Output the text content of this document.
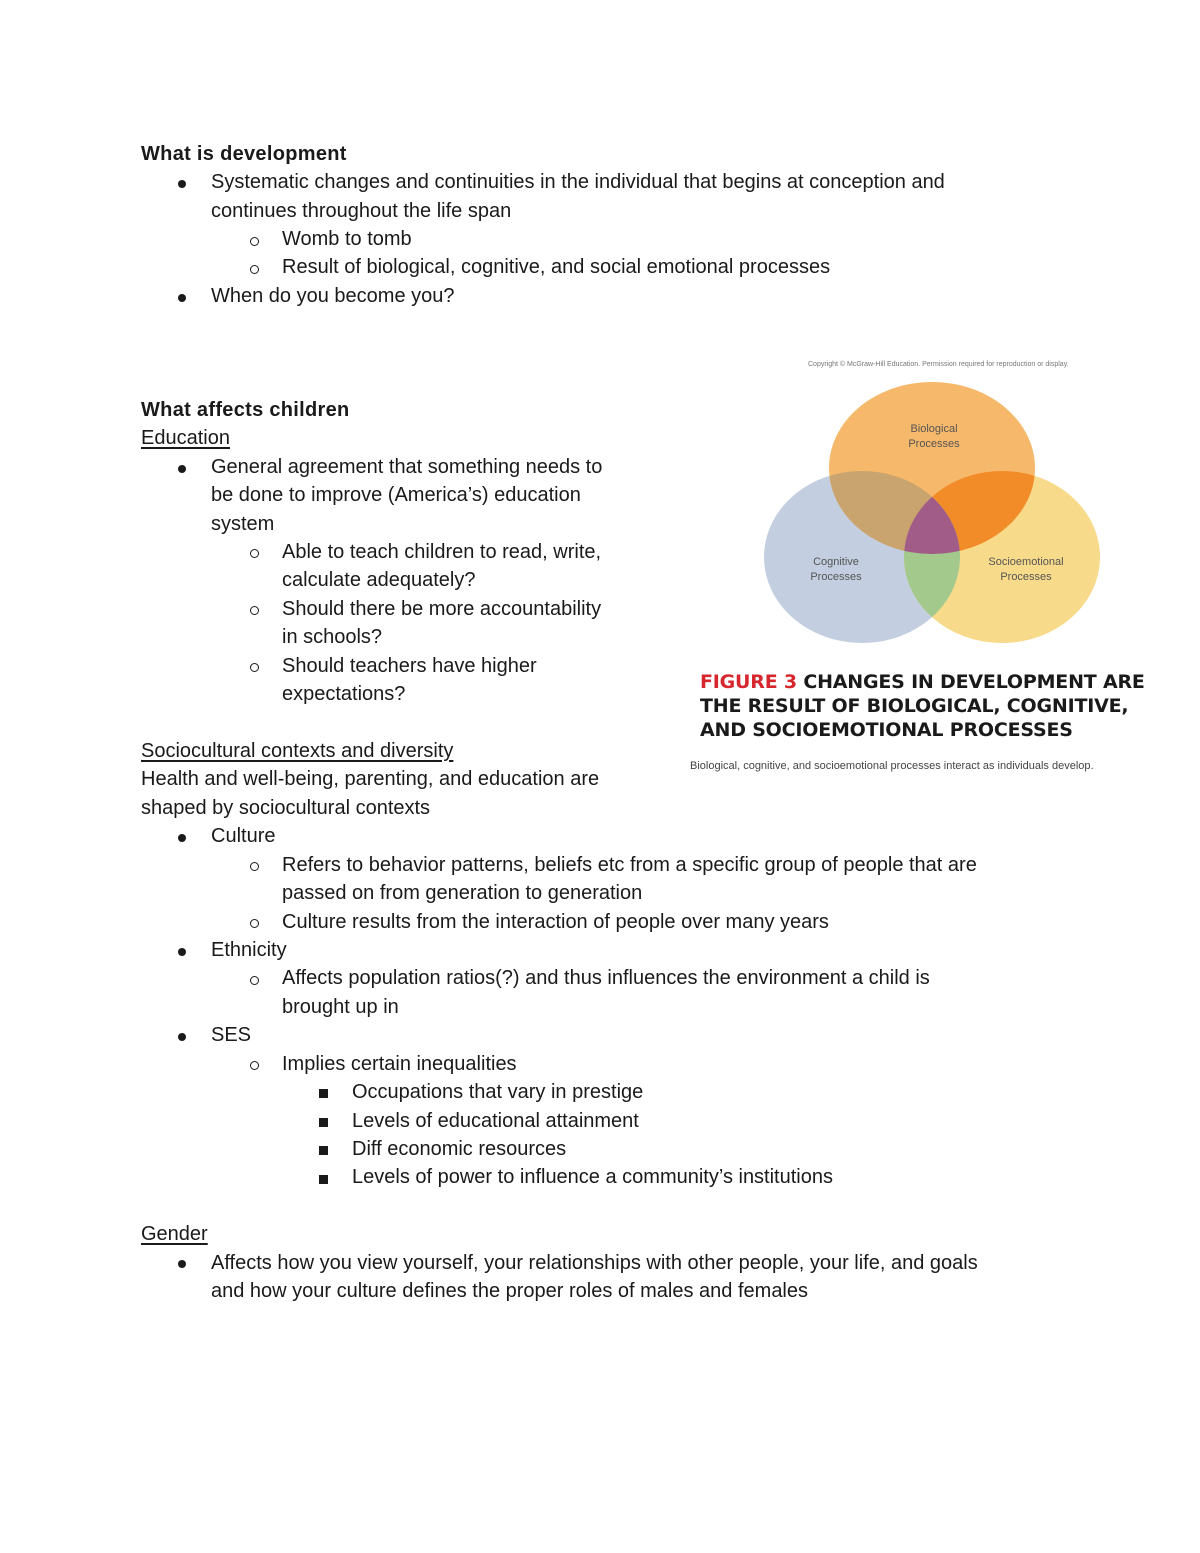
What is development
Systematic changes and continuities in the individual that begins at conception and
continues throughout the life span
Womb to tomb
Result of biological, cognitive, and social emotional processes
When do you become you?
What affects children
Education
General agreement that something needs to
be done to improve (America’s) education
system
Able to teach children to read, write,
calculate adequately?
Should there be more accountability
in schools?
Should teachers have higher
expectations?
Sociocultural contexts and diversity
Health and well-being, parenting, and education are
shaped by sociocultural contexts
Culture
Refers to behavior patterns, beliefs etc from a specific group of people that are
passed on from generation to generation
Culture results from the interaction of people over many years
Ethnicity
Affects population ratios(?) and thus influences the environment a child is
brought up in
SES
Implies certain inequalities
Occupations that vary in prestige
Levels of educational attainment
Diff economic resources
Levels of power to influence a community’s institutions
Gender
Affects how you view yourself, your relationships with other people, your life, and goals
and how your culture defines the proper roles of males and females
Copyright © McGraw-Hill Education. Permission required for reproduction or display.
Biological
Processes
Cognitive
Processes
Socioemotional
Processes
FIGURE 3 CHANGES IN DEVELOPMENT ARE
THE RESULT OF BIOLOGICAL, COGNITIVE,
AND SOCIOEMOTIONAL PROCESSES
Biological, cognitive, and socioemotional processes interact as individuals develop.
